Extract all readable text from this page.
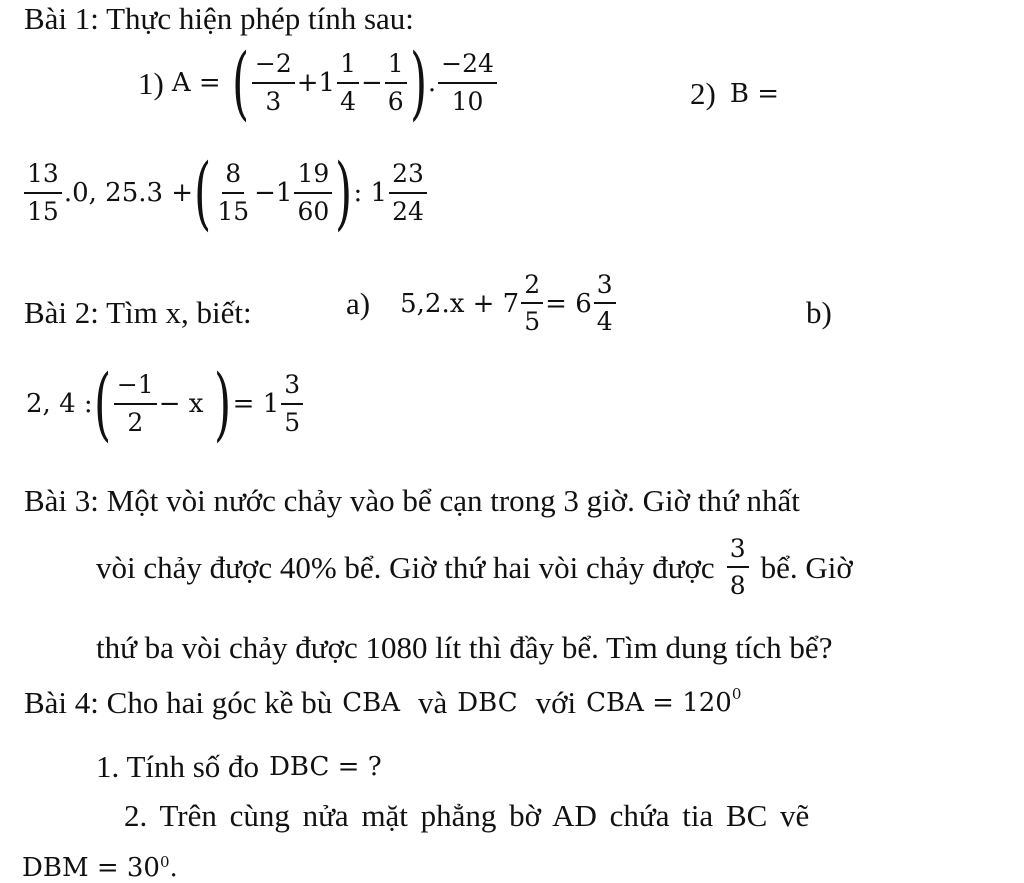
Bài 1: Thực hiện phép tính sau:
1) A = ( $\frac{-2}{3} + 1 \frac{1}{4} - \frac{1}{6}$ ) . $\frac{-24}{10}$	2) B =
$\frac{13}{15} .0$, 25.3 + ( $\frac{8}{15} - 1 \frac{19}{60}$ ) : $1 \frac{23}{24}$
Bài 2: Tìm x, biết:	a) $5,2.x + 7 \frac{2}{5} = 6 \frac{3}{4}$	b)
2, 4 : ( $\frac{-1}{2} - x$ ) = $1 \frac{3}{5}$
Bài 3: Một vòi nước chảy vào bể cạn trong 3 giờ. Giờ thứ nhất
vòi chảy được 40% bể. Giờ thứ hai vòi chảy được $\frac{3}{8}$ bể. Giờ
thứ ba vòi chảy được 1080 lít thì đầy bể. Tìm dung tích bể?
Bài 4: Cho hai góc kề bù CBA và DBC với CBA = 120 0
1. Tính số đo DBC = ?
2. Trên cùng nửa mặt phẳng bờ AD chứa tia BC vẽ
DBM = 30 0 .
